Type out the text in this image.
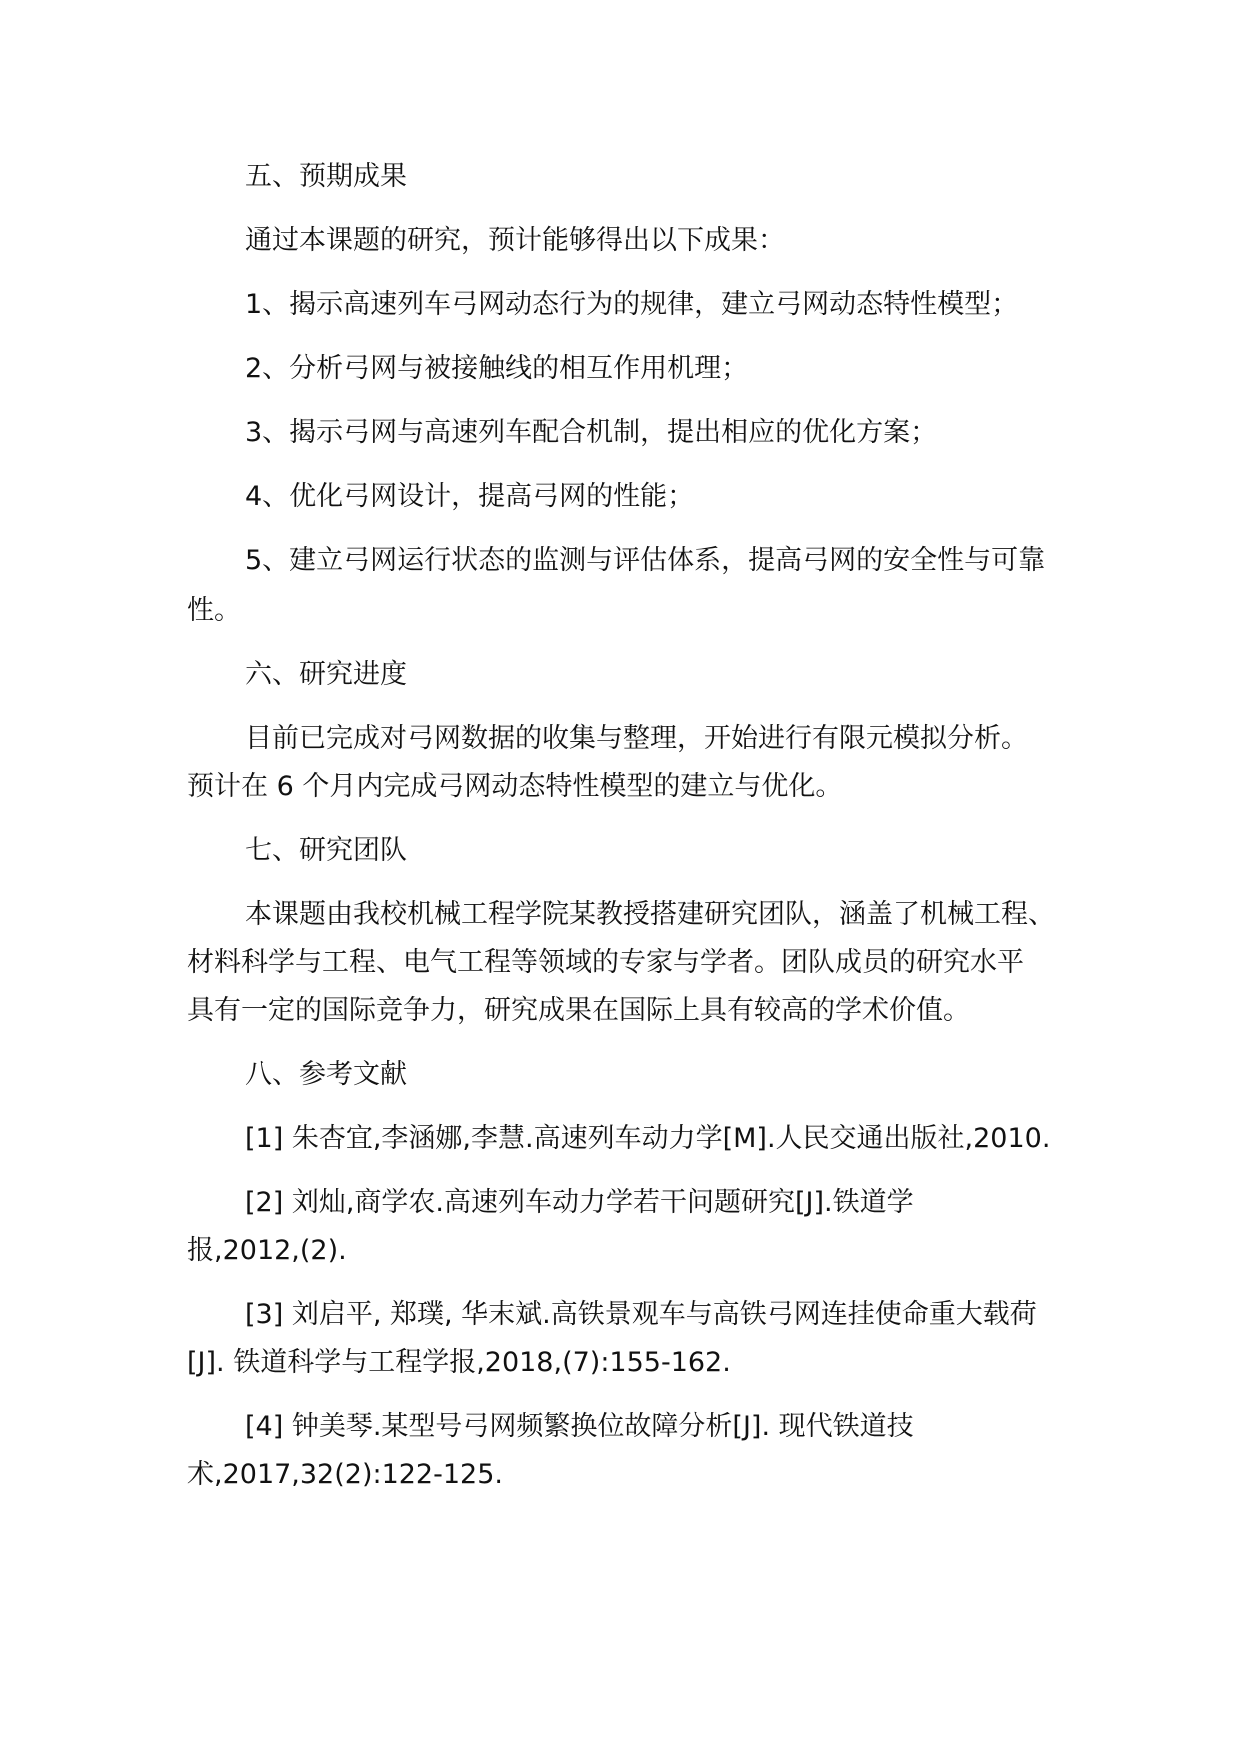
五、预期成果
通过本课题的研究，预计能够得出以下成果：
1、揭示高速列车弓网动态行为的规律，建立弓网动态特性模型；
2、分析弓网与被接触线的相互作用机理；
3、揭示弓网与高速列车配合机制，提出相应的优化方案；
4、优化弓网设计，提高弓网的性能；
5、建立弓网运行状态的监测与评估体系，提高弓网的安全性与可靠
性。
六、研究进度
目前已完成对弓网数据的收集与整理，开始进行有限元模拟分析。
预计在 6 个月内完成弓网动态特性模型的建立与优化。
七、研究团队
本课题由我校机械工程学院某教授搭建研究团队，涵盖了机械工程、
材料科学与工程、电气工程等领域的专家与学者。团队成员的研究水平
具有一定的国际竞争力，研究成果在国际上具有较高的学术价值。
八、参考文献
[1] 朱杏宜,李涵娜,李慧.高速列车动力学[M].人民交通出版社,2010.
[2] 刘灿,商学农.高速列车动力学若干问题研究[J].铁道学
报,2012,(2).
[3] 刘启平, 郑璞, 华末斌.高铁景观车与高铁弓网连挂使命重大载荷
[J]. 铁道科学与工程学报,2018,(7):155-162.
[4] 钟美琴.某型号弓网频繁换位故障分析[J]. 现代铁道技
术,2017,32(2):122-125.
